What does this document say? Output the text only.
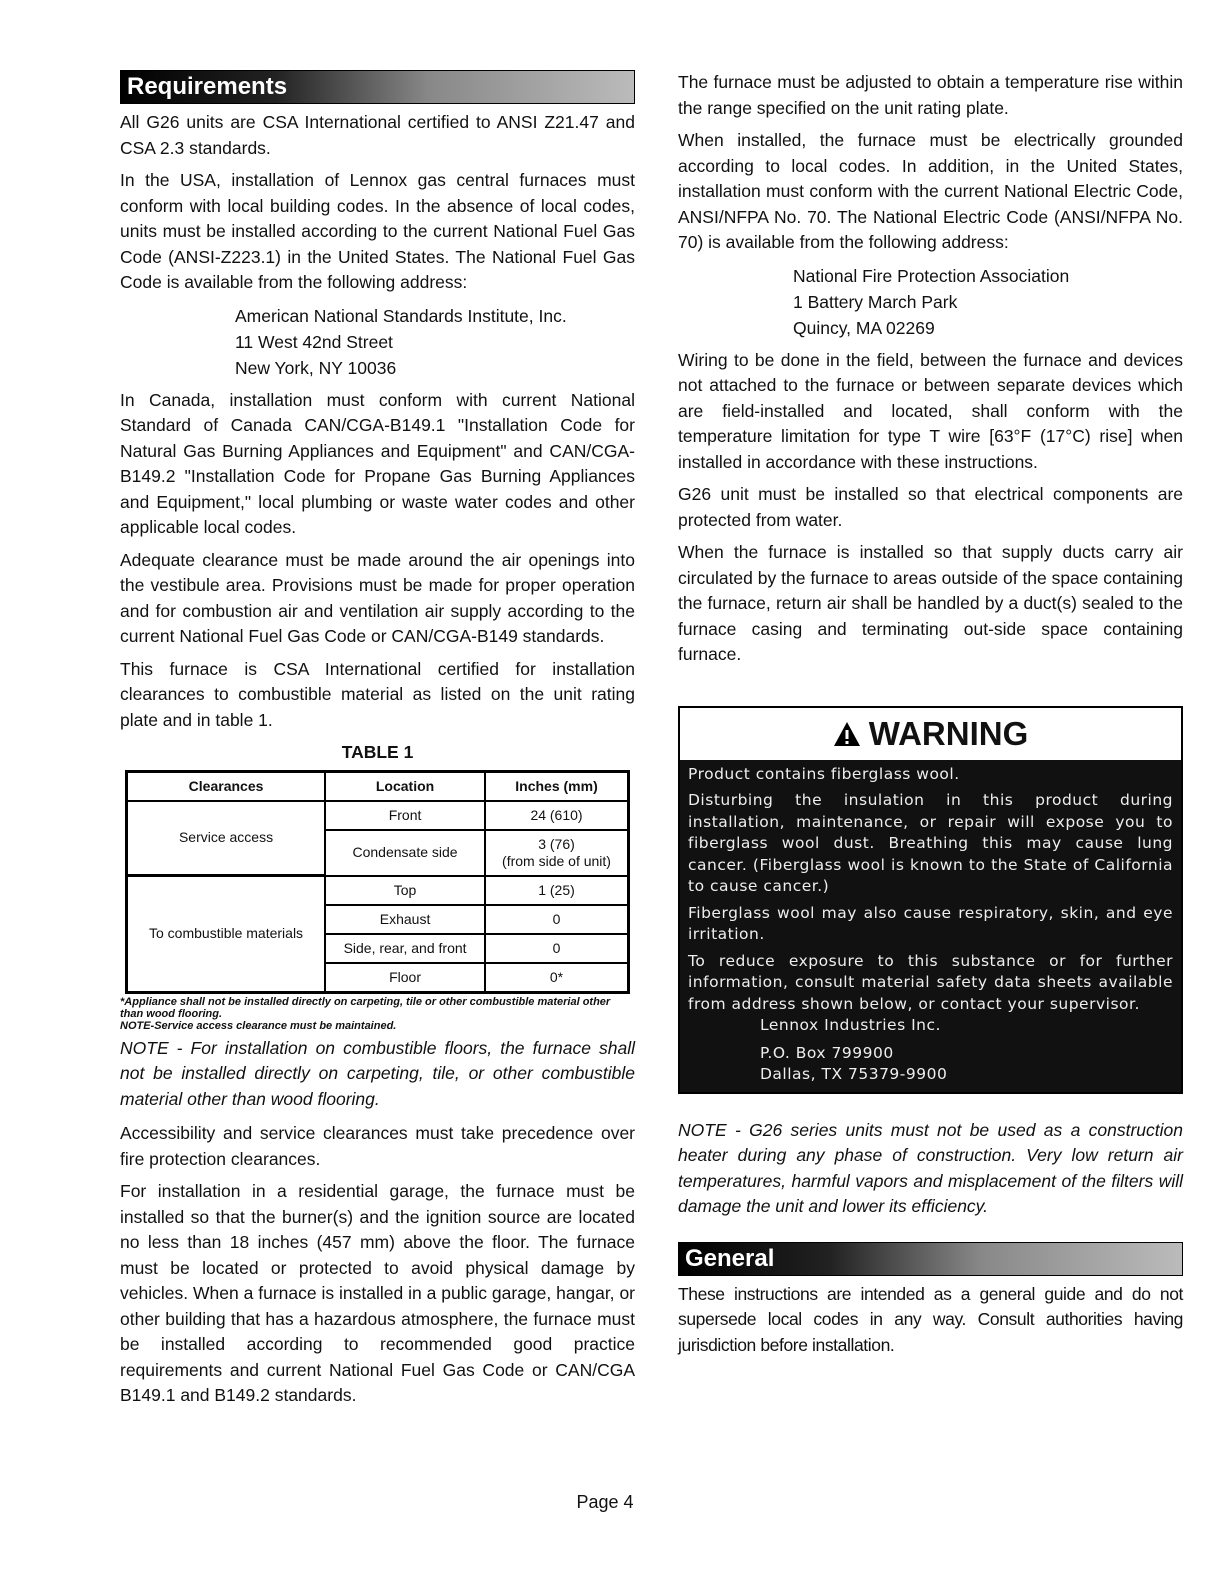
Requirements

All G26 units are CSA International certified to ANSI Z21.47 and CSA 2.3 standards.

In the USA, installation of Lennox gas central furnaces must conform with local building codes. In the absence of local codes, units must be installed according to the current National Fuel Gas Code (ANSI-Z223.1) in the United States. The National Fuel Gas Code is available from the following address:

American National Standards Institute, Inc.
11 West 42nd Street
New York, NY 10036

In Canada, installation must conform with current National Standard of Canada CAN/CGA-B149.1 "Installation Code for Natural Gas Burning Appliances and Equipment" and CAN/CGA-B149.2 "Installation Code for Propane Gas Burning Appliances and Equipment," local plumbing or waste water codes and other applicable local codes.

Adequate clearance must be made around the air openings into the vestibule area. Provisions must be made for proper operation and for combustion air and ventilation air supply according to the current National Fuel Gas Code or CAN/CGA-B149 standards.

This furnace is CSA International certified for installation clearances to combustible material as listed on the unit rating plate and in table 1.

TABLE 1
Clearances	Location	Inches (mm)
Service access	Front	24 (610)
	Condensate side	3 (76)
(from side of unit)

To combustible materials	Top	1 (25)
	Exhaust	0
	Side, rear, and front	0
	Floor	0*
*Appliance shall not be installed directly on carpeting, tile or other combustible material other than wood flooring.
NOTE-Service access clearance must be maintained.

NOTE - For installation on combustible floors, the furnace shall not be installed directly on carpeting, tile, or other combustible material other than wood flooring.

Accessibility and service clearances must take precedence over fire protection clearances.

For installation in a residential garage, the furnace must be installed so that the burner(s) and the ignition source are located no less than 18 inches (457 mm) above the floor. The furnace must be located or protected to avoid physical damage by vehicles. When a furnace is installed in a public garage, hangar, or other building that has a hazardous atmosphere, the furnace must be installed according to recommended good practice requirements and current National Fuel Gas Code or CAN/CGA B149.1 and B149.2 standards.

The furnace must be adjusted to obtain a temperature rise within the range specified on the unit rating plate.

When installed, the furnace must be electrically grounded according to local codes. In addition, in the United States, installation must conform with the current National Electric Code, ANSI/NFPA No. 70. The National Electric Code (ANSI/NFPA No. 70) is available from the following address:

National Fire Protection Association
1 Battery March Park
Quincy, MA 02269

Wiring to be done in the field, between the furnace and devices not attached to the furnace or between separate devices which are field-installed and located, shall conform with the temperature limitation for type T wire [63°F (17°C) rise] when installed in accordance with these instructions.

G26 unit must be installed so that electrical components are protected from water.

When the furnace is installed so that supply ducts carry air circulated by the furnace to areas outside of the space containing the furnace, return air shall be handled by a duct(s) sealed to the furnace casing and terminating out-side space containing furnace.

WARNING

Product contains fiberglass wool.

Disturbing the insulation in this product during installation, maintenance, or repair will expose you to fiberglass wool dust. Breathing this may cause lung cancer. (Fiberglass wool is known to the State of California to cause cancer.)

Fiberglass wool may also cause respiratory, skin, and eye irritation.

To reduce exposure to this substance or for further information, consult material safety data sheets available from address shown below, or contact your supervisor.

Lennox Industries Inc.
P.O. Box 799900
Dallas, TX 75379-9900

NOTE - G26 series units must not be used as a construction heater during any phase of construction. Very low return air temperatures, harmful vapors and misplacement of the filters will damage the unit and lower its efficiency.

General

These instructions are intended as a general guide and do not supersede local codes in any way. Consult authorities having jurisdiction before installation.

Page 4
